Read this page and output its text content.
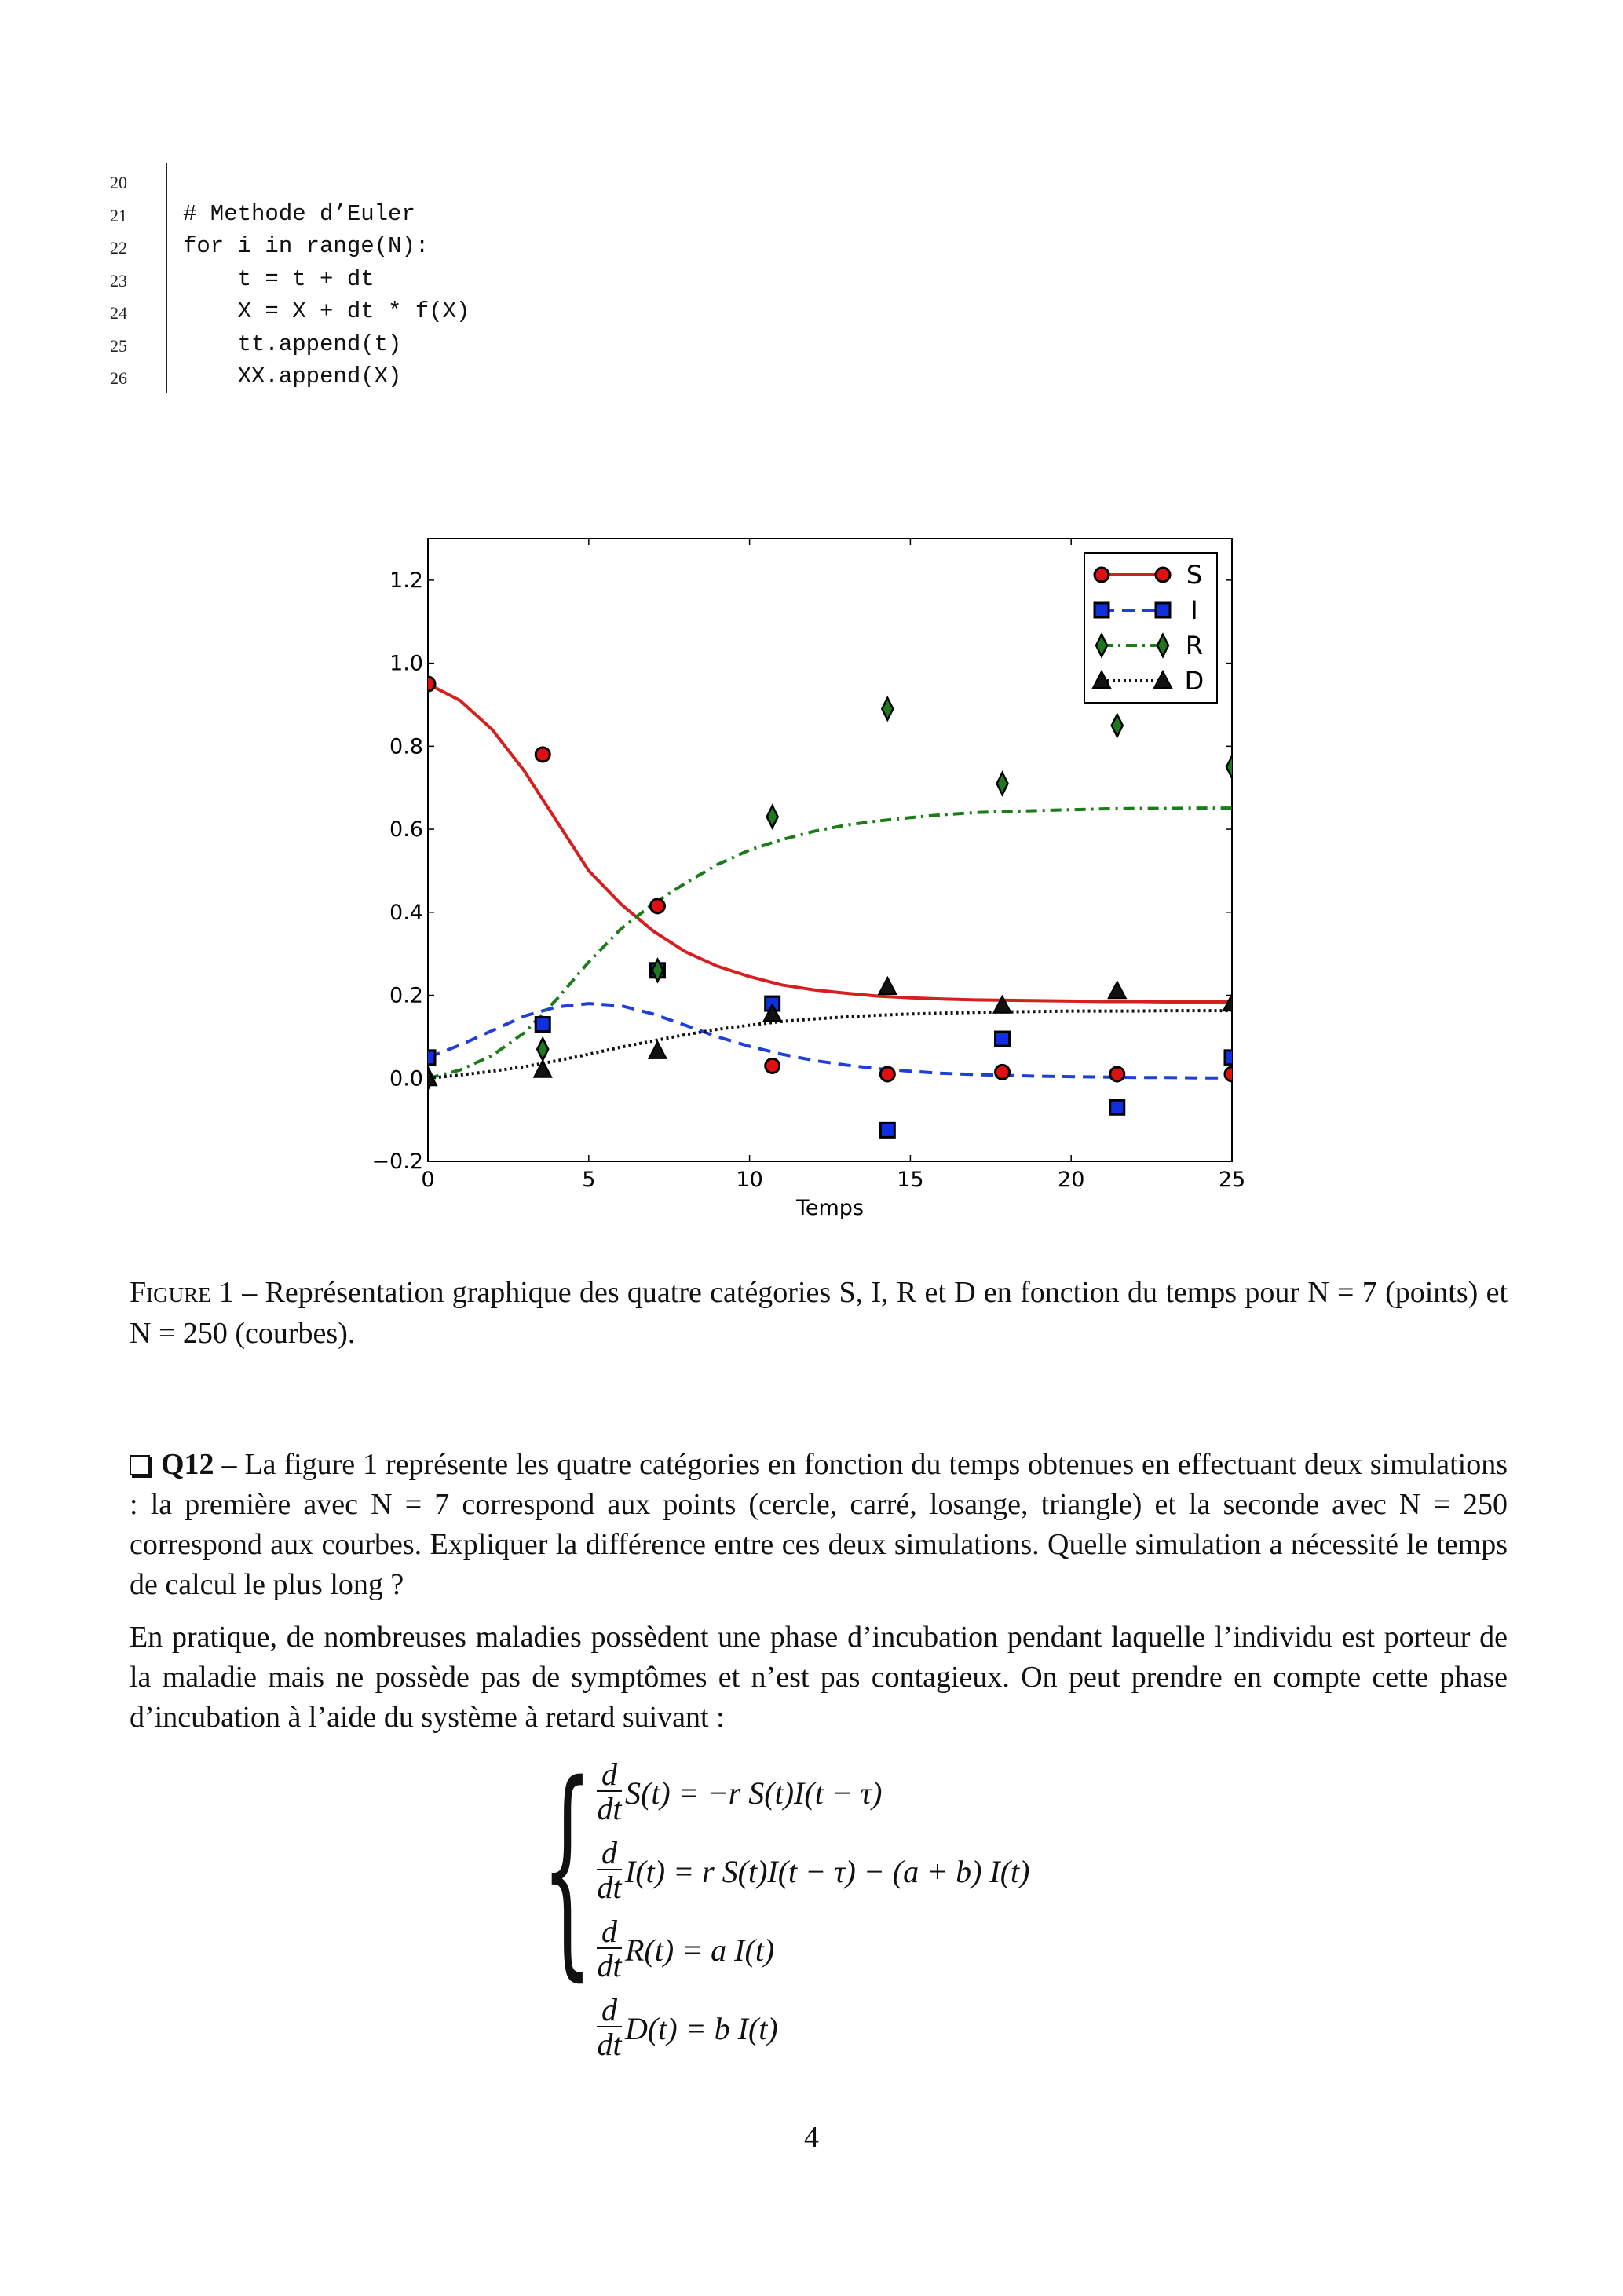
20
21	# Methode d’Euler
22	for i in range(N):
23	t = t + dt
24	X = X + dt * f(X)
25	tt.append(t)
26	XX.append(X)
0	5	10	15	20	25
−0.2
0.0
0.2
0.4
0.6
0.8
1.0
1.2
Temps
S
I
R
D
Figure 1 – Représentation graphique des quatre catégories S, I, R et D en fonction du temps pour N = 7 (points) et N = 250 (courbes).
Q12 – La figure 1 représente les quatre catégories en fonction du temps obtenues en effectuant deux simulations : la première avec N = 7 correspond aux points (cercle, carré, losange, triangle) et la seconde avec N = 250 correspond aux courbes. Expliquer la différence entre ces deux simulations. Quelle simulation a nécessité le temps de calcul le plus long ?
En pratique, de nombreuses maladies possèdent une phase d’incubation pendant laquelle l’individu est porteur de la maladie mais ne possède pas de symptômes et n’est pas contagieux. On peut prendre en compte cette phase d’incubation à l’aide du système à retard suivant :
{ $\frac{d}{dt} S(t) = -r$ S(t)I(t − τ)
$\frac{d}{dt} I(t) = r$ S(t)I(t − τ) − (a + b) I(t)
$\frac{d}{dt} R(t) = a$ I(t)
$\frac{d}{dt} D(t) = b$ I(t)
4
